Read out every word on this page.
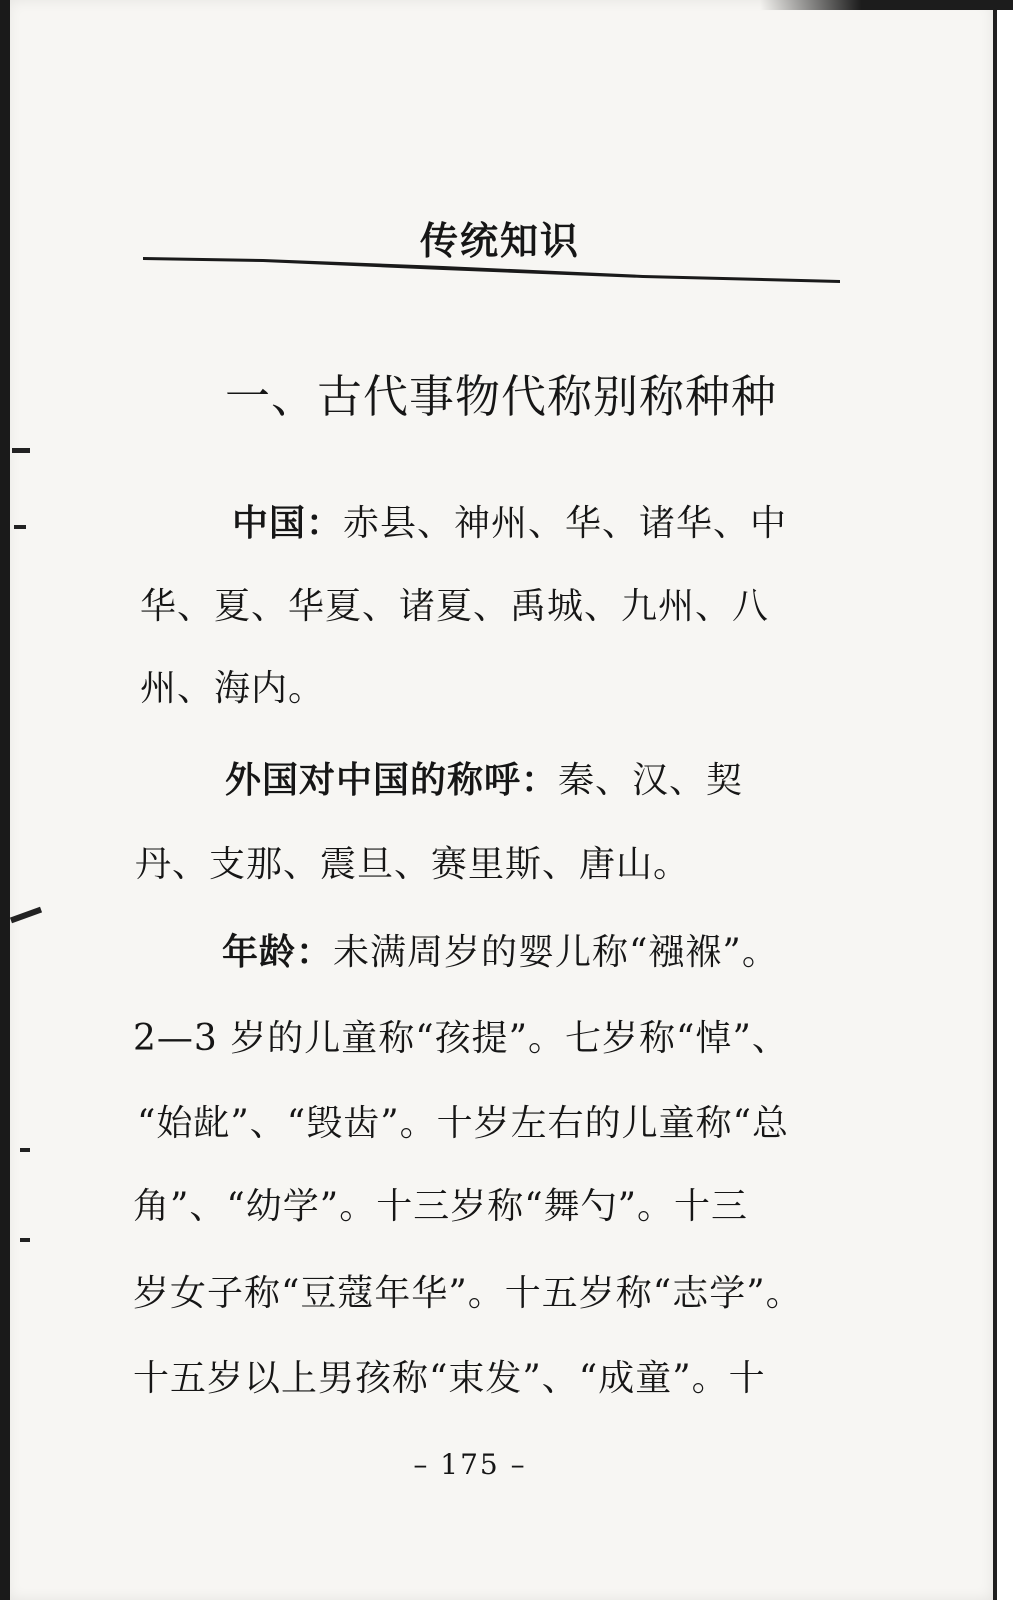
传统知识
一、古代事物代称别称种种
中国：赤县、神州、华、诸华、中
华、夏、华夏、诸夏、禹城、九州、八
州、海内。
外国对中国的称呼：秦、汉、契
丹、支那、震旦、赛里斯、唐山。
年龄：未满周岁的婴儿称“襁褓”。
2—3 岁的儿童称“孩提”。七岁称“悼”、
“始龀”、“毁齿”。十岁左右的儿童称“总
角”、“幼学”。十三岁称“舞勺”。十三
岁女子称“豆蔻年华”。十五岁称“志学”。
十五岁以上男孩称“束发”、“成童”。十
– 175 –
